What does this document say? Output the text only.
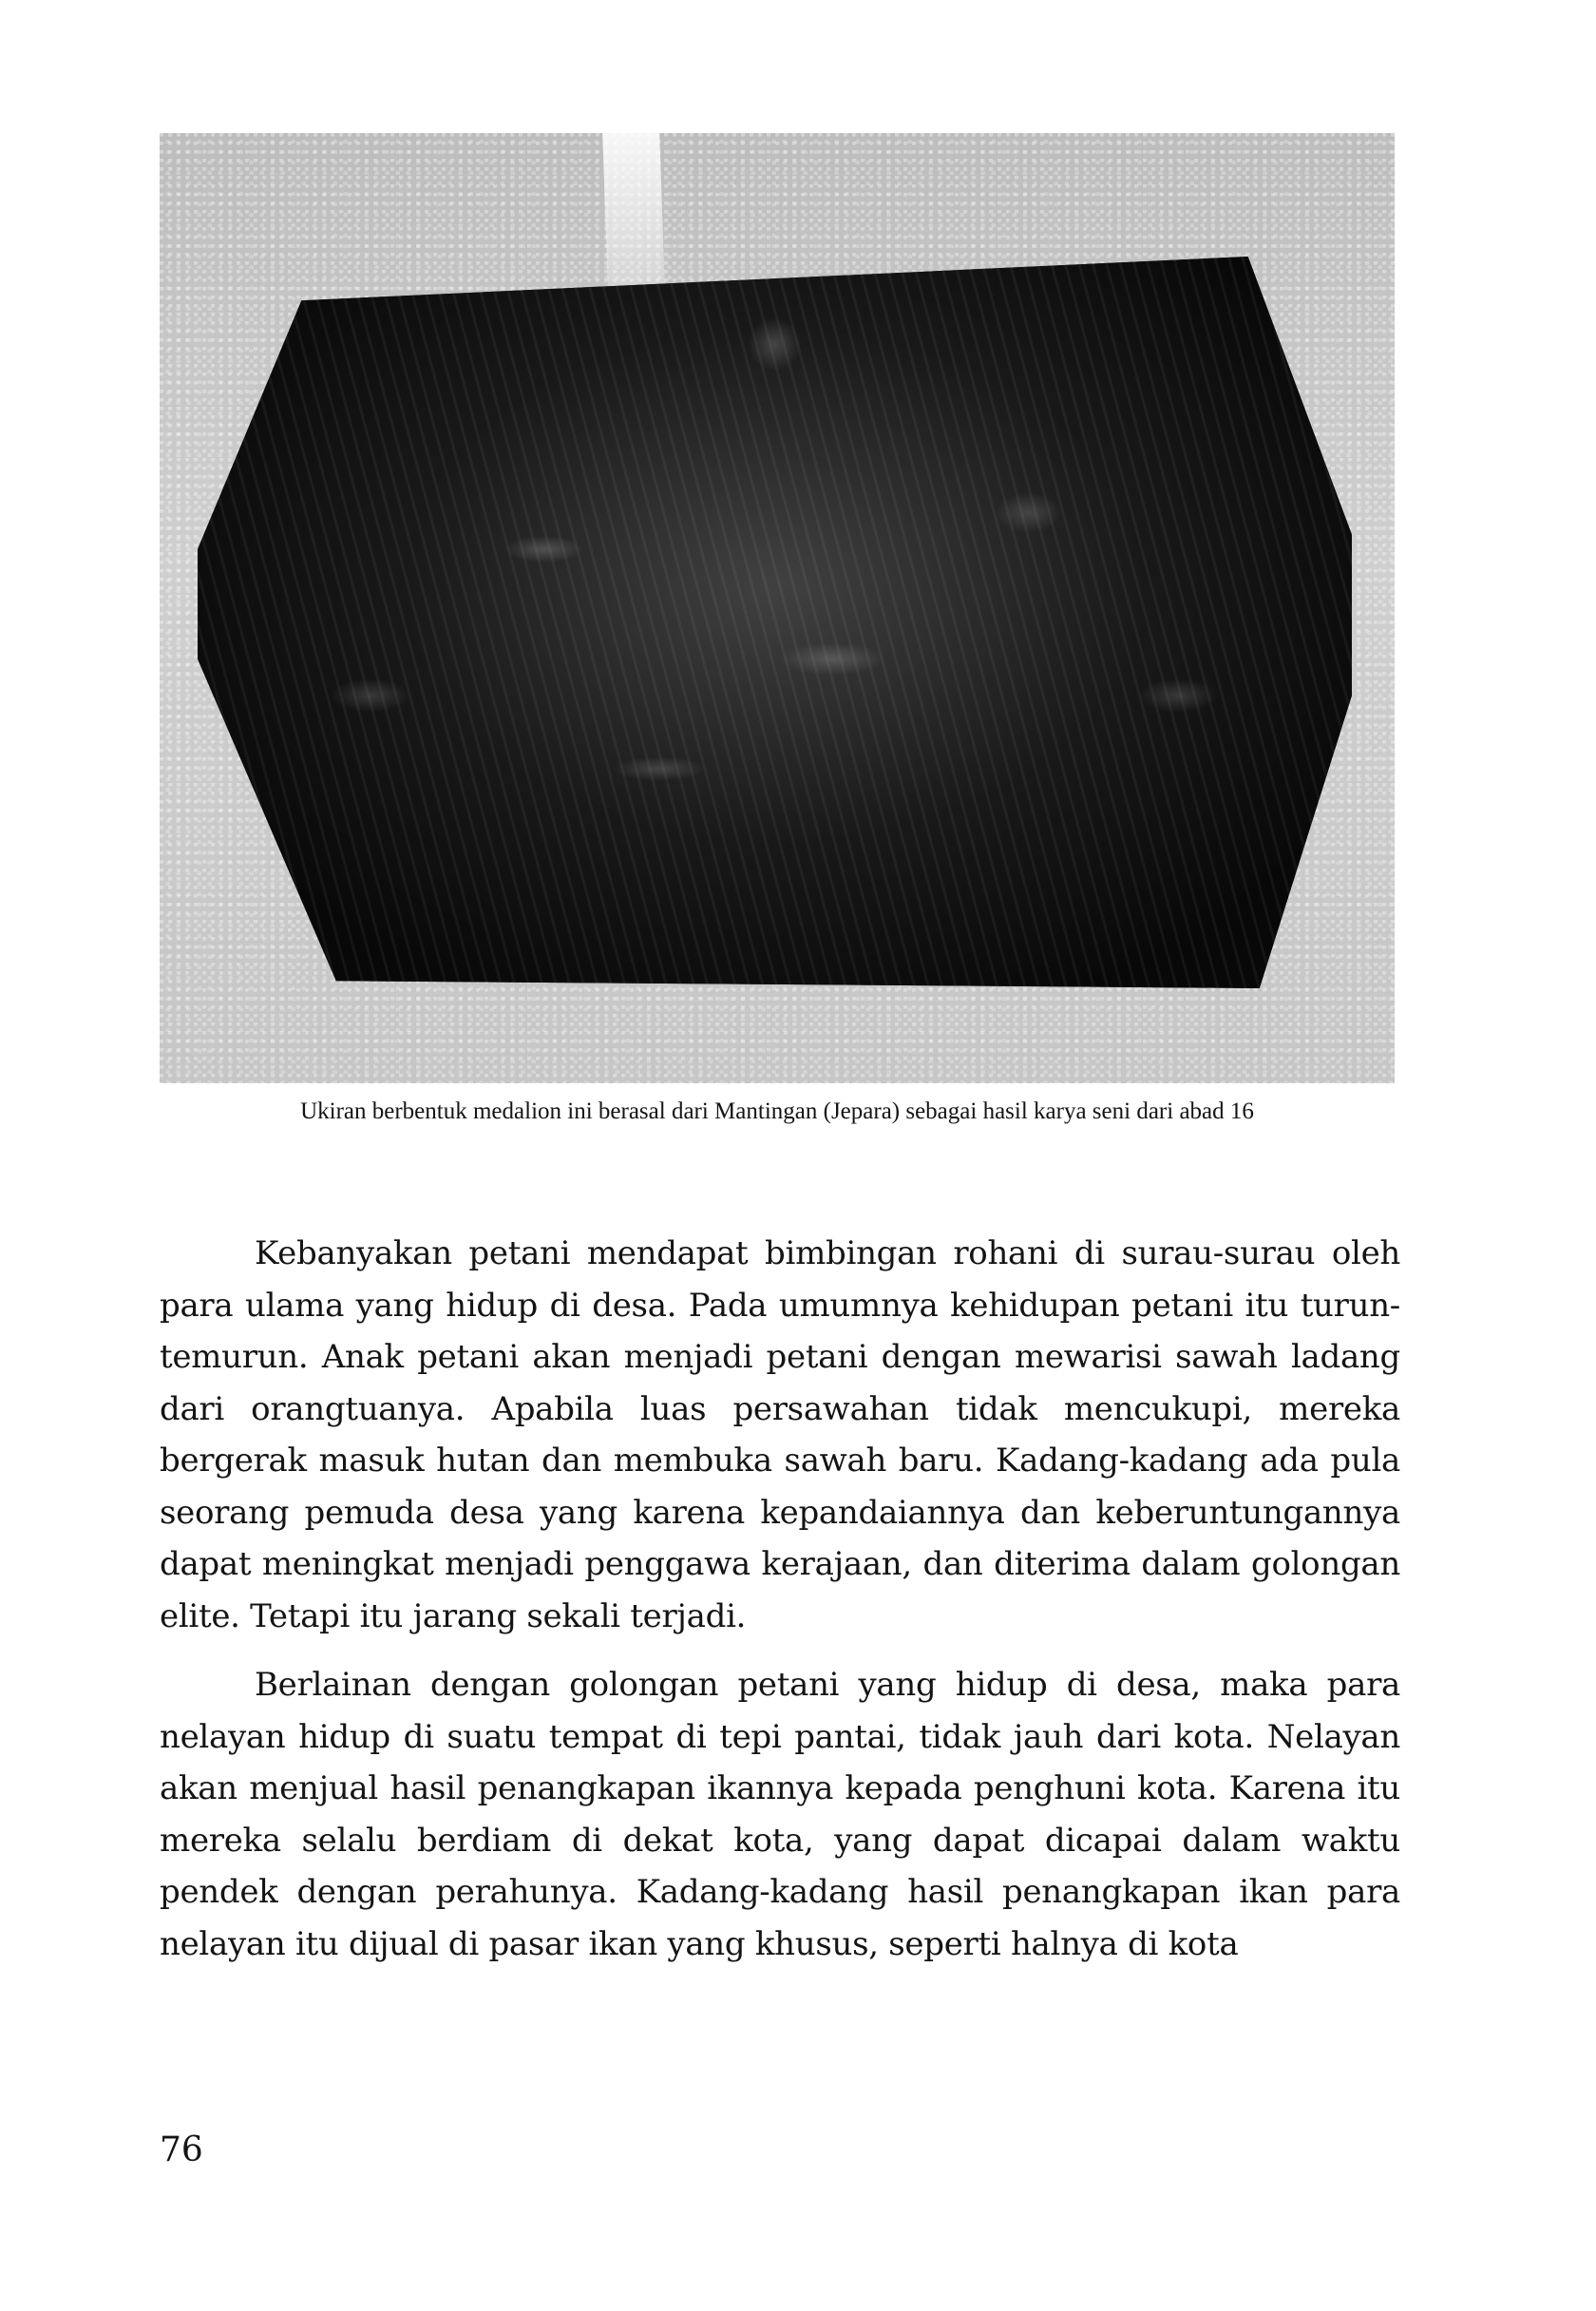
Ukiran berbentuk medalion ini berasal dari Mantingan (Jepara) sebagai hasil karya seni dari abad 16

Kebanyakan petani mendapat bimbingan rohani di surau-surau oleh para ulama yang hidup di desa. Pada umumnya kehidupan petani itu turun-temurun. Anak petani akan menjadi petani dengan mewarisi sawah ladang dari orangtuanya. Apabila luas persawahan tidak mencukupi, mereka bergerak masuk hutan dan membuka sawah baru. Kadang-kadang ada pula seorang pemuda desa yang karena kepandaiannya dan keberuntungannya dapat meningkat menjadi penggawa kerajaan, dan diterima dalam golongan elite. Tetapi itu jarang sekali terjadi.

Berlainan dengan golongan petani yang hidup di desa, maka para nelayan hidup di suatu tempat di tepi pantai, tidak jauh dari kota. Nelayan akan menjual hasil penangkapan ikannya kepada penghuni kota. Karena itu mereka selalu berdiam di dekat kota, yang dapat dicapai dalam waktu pendek dengan perahunya. Kadang-kadang hasil penangkapan ikan para nelayan itu dijual di pasar ikan yang khusus, seperti halnya di kota

76
